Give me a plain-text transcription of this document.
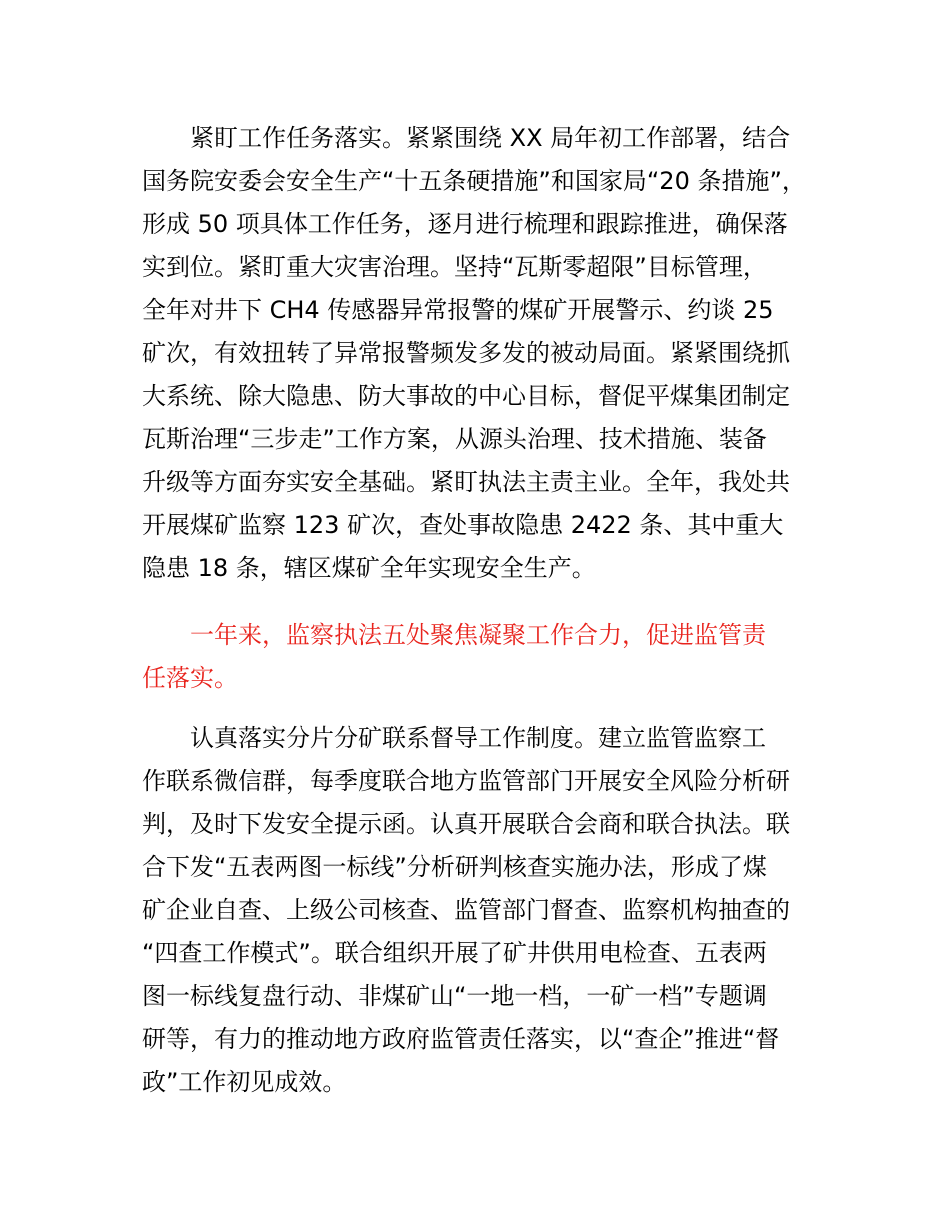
紧盯工作任务落实。紧紧围绕 XX 局年初工作部署，结合
国务院安委会安全生产“十五条硬措施”和国家局“20 条措施”，
形成 50 项具体工作任务，逐月进行梳理和跟踪推进，确保落
实到位。紧盯重大灾害治理。坚持“瓦斯零超限”目标管理，
全年对井下 CH4 传感器异常报警的煤矿开展警示、约谈 25
矿次，有效扭转了异常报警频发多发的被动局面。紧紧围绕抓
大系统、除大隐患、防大事故的中心目标，督促平煤集团制定
瓦斯治理“三步走”工作方案，从源头治理、技术措施、装备
升级等方面夯实安全基础。紧盯执法主责主业。全年，我处共
开展煤矿监察 123 矿次，查处事故隐患 2422 条、其中重大
隐患 18 条，辖区煤矿全年实现安全生产。
一年来，监察执法五处聚焦凝聚工作合力，促进监管责
任落实。
认真落实分片分矿联系督导工作制度。建立监管监察工
作联系微信群，每季度联合地方监管部门开展安全风险分析研
判，及时下发安全提示函。认真开展联合会商和联合执法。联
合下发“五表两图一标线”分析研判核查实施办法，形成了煤
矿企业自查、上级公司核查、监管部门督查、监察机构抽查的
“四查工作模式”。联合组织开展了矿井供用电检查、五表两
图一标线复盘行动、非煤矿山“一地一档，一矿一档”专题调
研等，有力的推动地方政府监管责任落实，以“查企”推进“督
政”工作初见成效。
